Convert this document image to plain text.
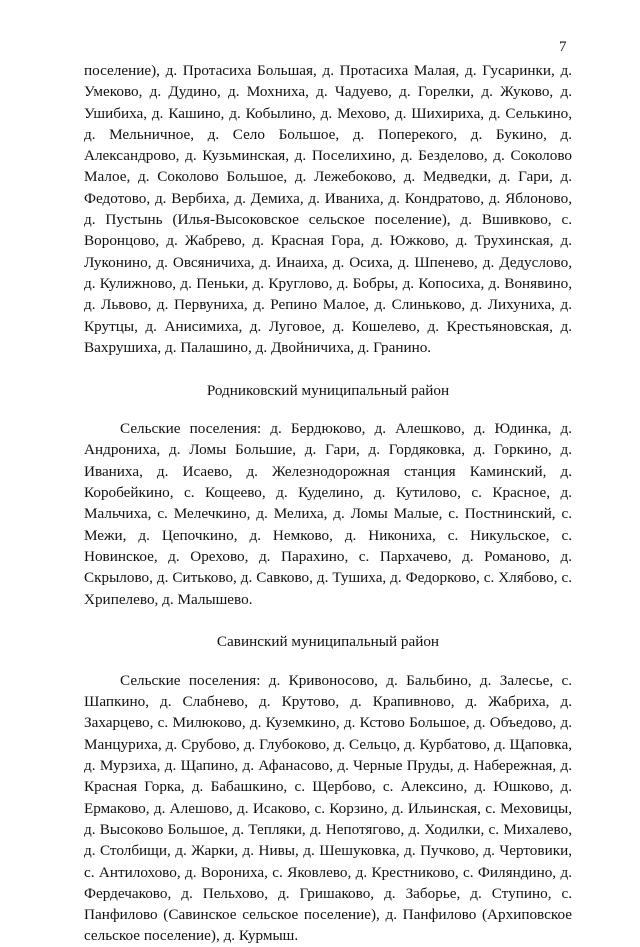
7

поселение), д. Протасиха Большая, д. Протасиха Малая, д. Гусаринки, д. Умеково, д. Дудино, д. Мохниха, д. Чадуево, д. Горелки, д. Жуково, д. Ушибиха, д. Кашино, д. Кобылино, д. Мехово, д. Шихириха, д. Селькино, д. Мельничное, д. Село Большое, д. Поперекого, д. Букино, д. Александрово, д. Кузьминская, д. Поселихино, д. Безделово, д. Соколово Малое, д. Соколово Большое, д. Лежебоково, д. Медведки, д. Гари, д. Федотово, д. Вербиха, д. Демиха, д. Иваниха, д. Кондратово, д. Яблоново, д. Пустынь (Илья-Высоковское сельское поселение), д. Вшивково, с. Воронцово, д. Жабрево, д. Красная Гора, д. Южково, д. Трухинская, д. Луконино, д. Овсяничиха, д. Инаиха, д. Осиха, д. Шпенево, д. Дедуслово, д. Кулижново, д. Пеньки, д. Круглово, д. Бобры, д. Копосиха, д. Вонявино, д. Львово, д. Первуниха, д. Репино Малое, д. Слиньково, д. Лихуниха, д. Крутцы, д. Анисимиха, д. Луговое, д. Кошелево, д. Крестьяновская, д. Вахрушиха, д. Палашино, д. Двойничиха, д. Гранино.

Родниковский муниципальный район

Сельские поселения: д. Бердюково, д. Алешково, д. Юдинка, д. Андрониха, д. Ломы Большие, д. Гари, д. Гордяковка, д. Горкино, д. Иваниха, д. Исаево, д. Железнодорожная станция Каминский, д. Коробейкино, с. Кощеево, д. Куделино, д. Кутилово, с. Красное, д. Мальчиха, с. Мелечкино, д. Мелиха, д. Ломы Малые, с. Постнинский, с. Межи, д. Цепочкино, д. Немково, д. Никониха, с. Никульское, с. Новинское, д. Орехово, д. Парахино, с. Пархачево, д. Романово, д. Скрылово, д. Ситьково, д. Савково, д. Тушиха, д. Федорково, с. Хлябово, с. Хрипелево, д. Малышево.

Савинский муниципальный район

Сельские поселения: д. Кривоносово, д. Бальбино, д. Залесье, с. Шапкино, д. Слабнево, д. Крутово, д. Крапивново, д. Жабриха, д. Захарцево, с. Милюково, д. Куземкино, д. Кстово Большое, д. Объедово, д. Манцуриха, д. Срубово, д. Глубоково, д. Сельцо, д. Курбатово, д. Щаповка, д. Мурзиха, д. Щапино, д. Афанасово, д. Черные Пруды, д. Набережная, д. Красная Горка, д. Бабашкино, с. Щербово, с. Алексино, д. Юшково, д. Ермаково, д. Алешово, д. Исаково, с. Корзино, д. Ильинская, с. Меховицы, д. Высоково Большое, д. Тепляки, д. Непотягово, д. Ходилки, с. Михалево, д. Столбищи, д. Жарки, д. Нивы, д. Шешуковка, д. Пучково, д. Чертовики, с. Антилохово, д. Ворониха, с. Яковлево, д. Крестниково, с. Филяндино, д. Фердечаково, д. Пельхово, д. Гришаково, д. Заборье, д. Ступино, с. Панфилово (Савинское сельское поселение), д. Панфилово (Архиповское сельское поселение), д. Курмыш.
